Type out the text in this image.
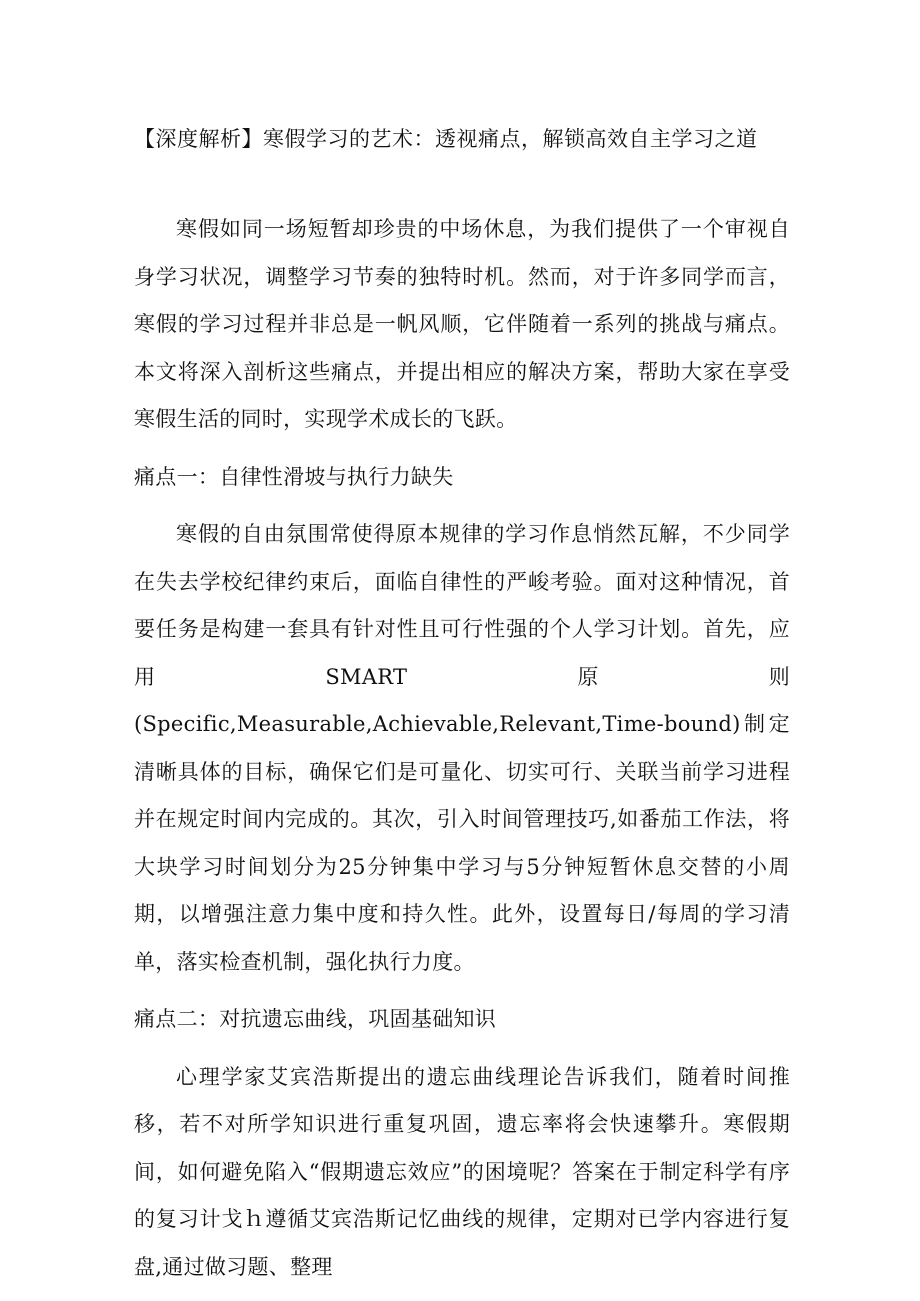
【深度解析】寒假学习的艺术：透视痛点，解锁高效自主学习之道

寒假如同一场短暂却珍贵的中场休息，为我们提供了一个审视自身学习状况，调整学习节奏的独特时机。然而，对于许多同学而言，寒假的学习过程并非总是一帆风顺，它伴随着一系列的挑战与痛点。本文将深入剖析这些痛点，并提出相应的解决方案，帮助大家在享受寒假生活的同时，实现学术成长的飞跃。

痛点一：自律性滑坡与执行力缺失

寒假的自由氛围常使得原本规律的学习作息悄然瓦解，不少同学在失去学校纪律约束后，面临自律性的严峻考验。面对这种情况，首要任务是构建一套具有针对性且可行性强的个人学习计划。首先，应用SMART原则(Specific,Measurable,Achievable,Relevant,Time-bound)制定清晰具体的目标，确保它们是可量化、切实可行、关联当前学习进程并在规定时间内完成的。其次，引入时间管理技巧,如番茄工作法，将大块学习时间划分为25分钟集中学习与5分钟短暂休息交替的小周期，以增强注意力集中度和持久性。此外，设置每日/每周的学习清单，落实检查机制，强化执行力度。

痛点二：对抗遗忘曲线，巩固基础知识

心理学家艾宾浩斯提出的遗忘曲线理论告诉我们，随着时间推移，若不对所学知识进行重复巩固，遗忘率将会快速攀升。寒假期间，如何避免陷入“假期遗忘效应”的困境呢？答案在于制定科学有序的复习计戈ｈ遵循艾宾浩斯记忆曲线的规律，定期对已学内容进行复盘,通过做习题、整理
